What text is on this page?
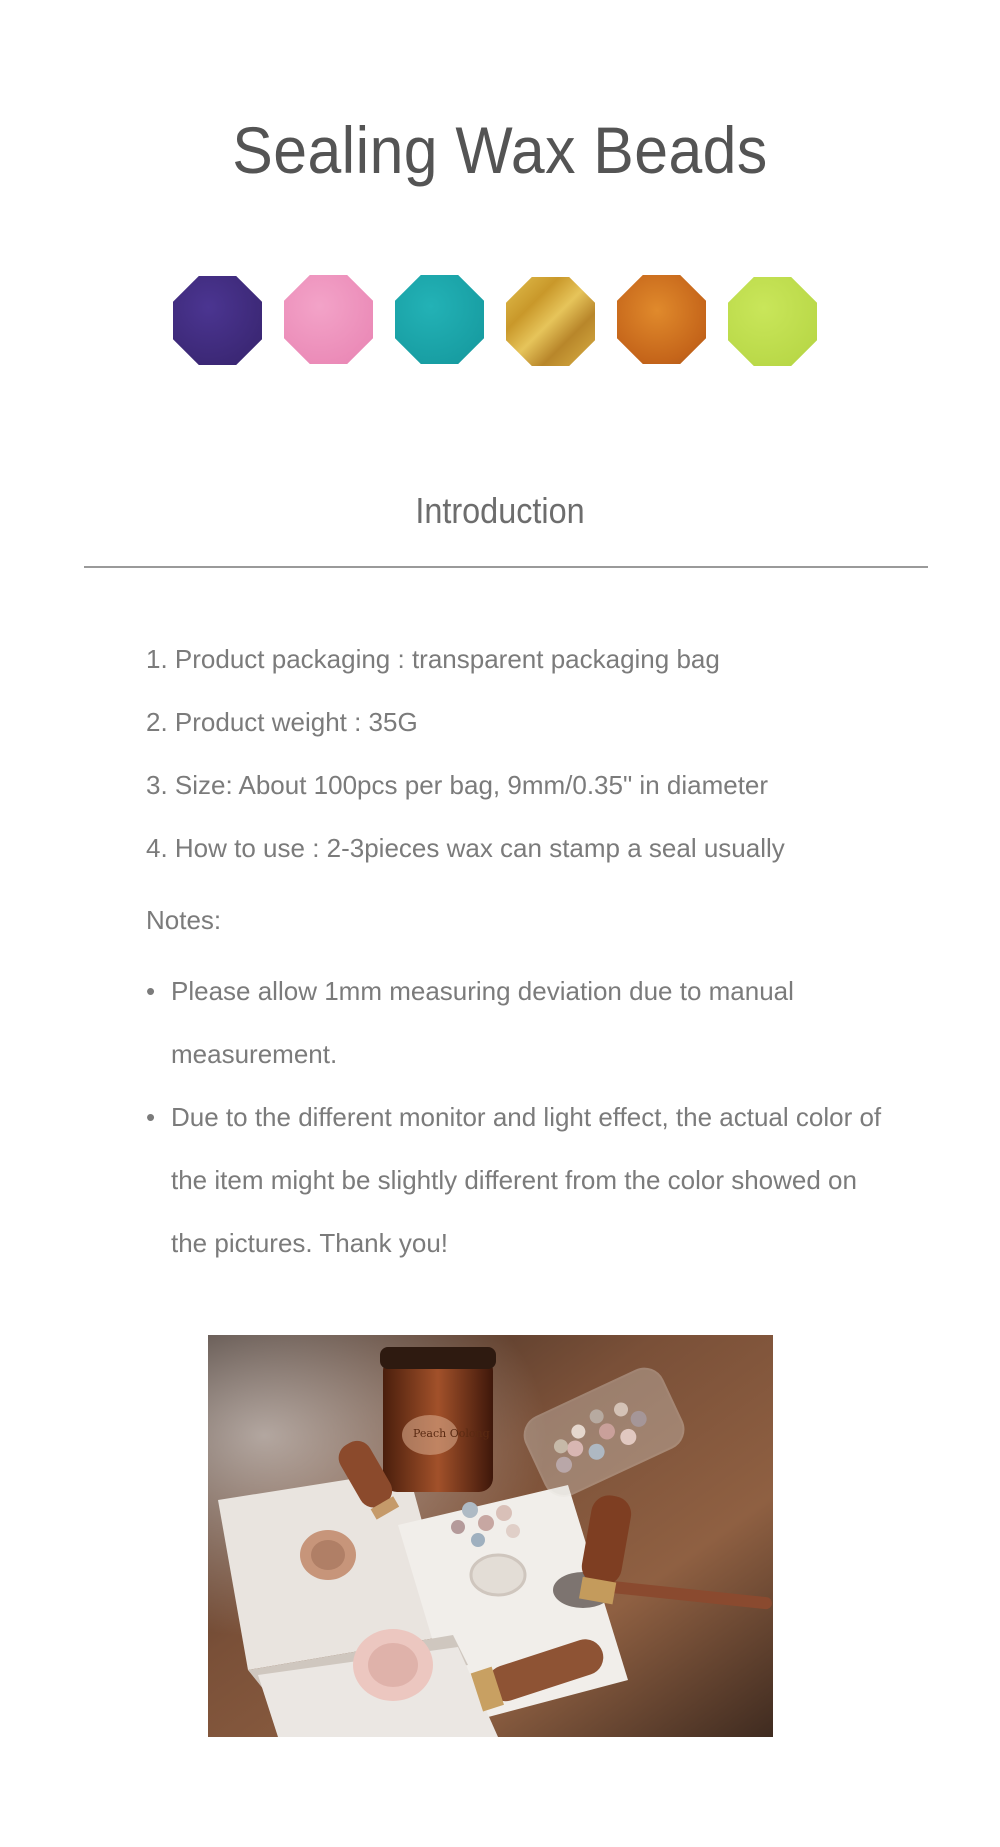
Sealing Wax Beads
Introduction
1. Product packaging : transparent packaging bag
2. Product weight : 35G
3. Size: About 100pcs per bag, 9mm/0.35" in diameter
4. How to use : 2-3pieces wax can stamp a seal usually
Notes:
• Please allow 1mm measuring deviation due to manual measurement.
• Due to the different monitor and light effect, the actual color of the item might be slightly different from the color showed on the pictures. Thank you!
Peach Oolong
